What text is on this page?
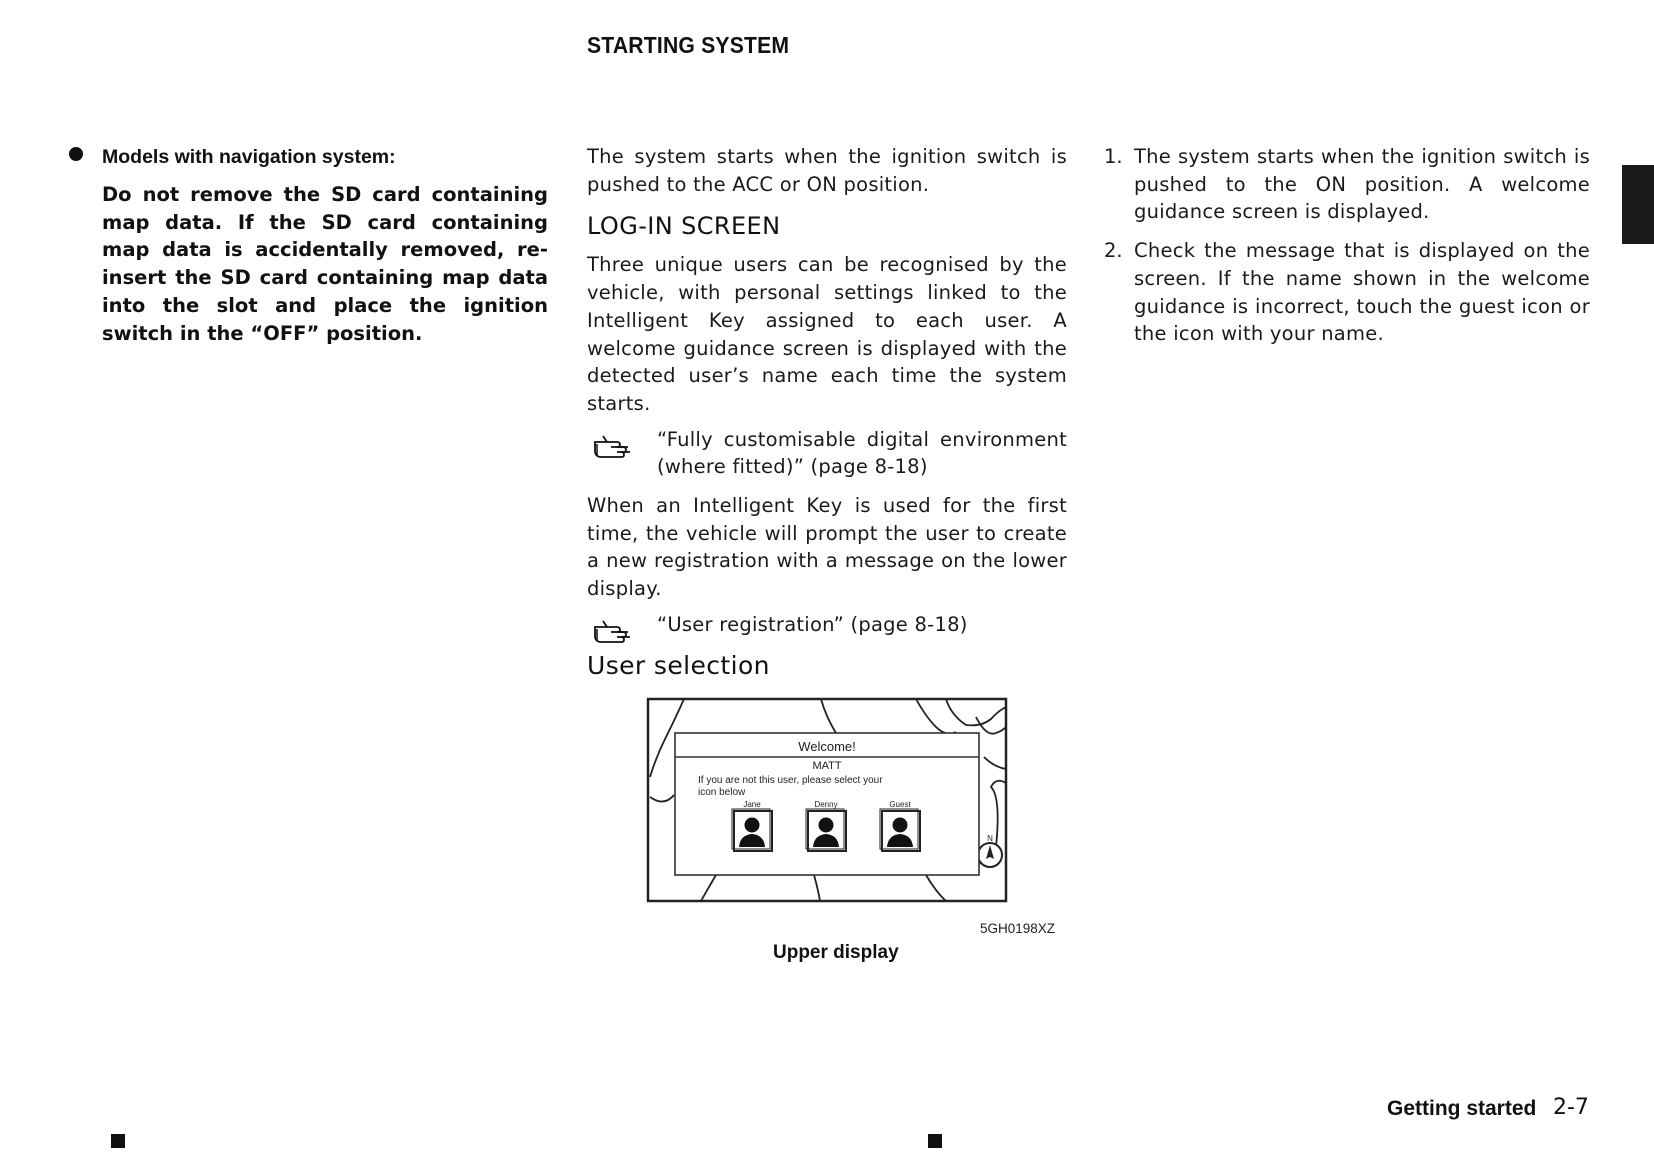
STARTING SYSTEM
Models with navigation system:
Do not remove the SD card containing map data. If the SD card containing map data is accidentally removed, re-insert the SD card containing map data into the slot and place the ignition switch in the “OFF” position.

The system starts when the ignition switch is pushed to the ACC or ON position.

LOG-IN SCREEN

Three unique users can be recognised by the vehicle, with personal settings linked to the Intelligent Key assigned to each user. A welcome guidance screen is displayed with the detected user’s name each time the system starts.

“Fully customisable digital environment (where fitted)” (page 8-18)

When an Intelligent Key is used for the first time, the vehicle will prompt the user to create a new registration with a message on the lower display.

“User registration” (page 8-18)

User selection
N
Welcome!
MATT
If you are not this user, please select your
icon below
Jane	Denny	Guest
5GH0198XZ
Upper display
1. The system starts when the ignition switch is pushed to the ON position. A welcome guidance screen is displayed.

2. Check the message that is displayed on the screen. If the name shown in the welcome guidance is incorrect, touch the guest icon or the icon with your name.

Getting started 2-7
